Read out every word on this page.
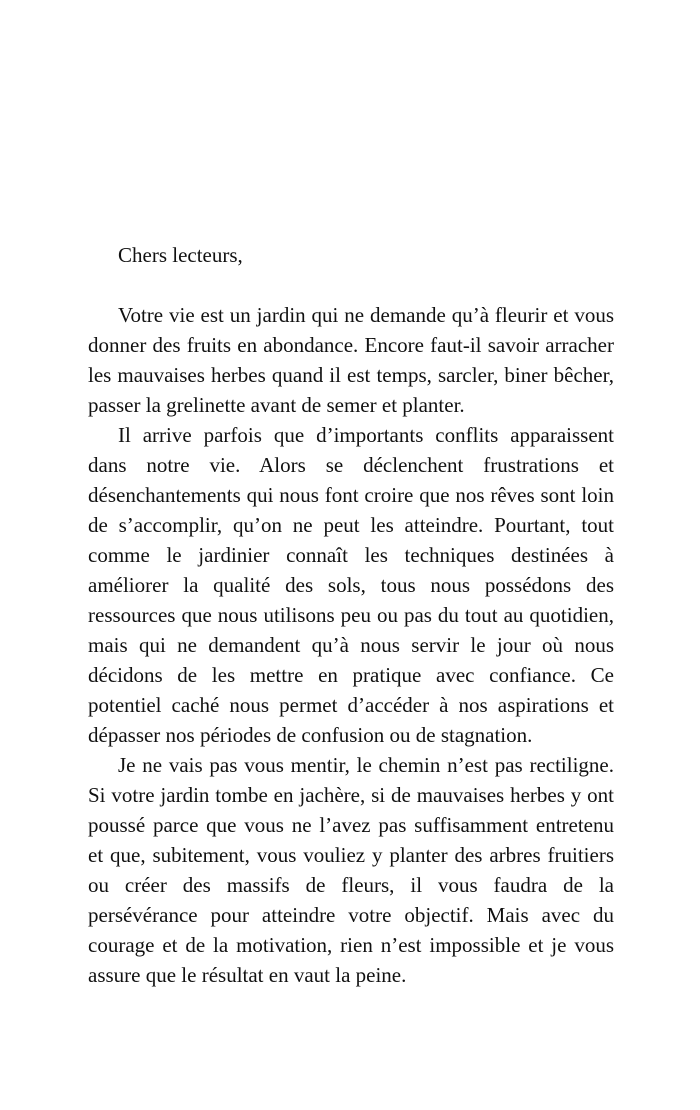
Chers lecteurs,

Votre vie est un jardin qui ne demande qu’à fleurir et vous donner des fruits en abondance. Encore faut-il savoir arracher les mauvaises herbes quand il est temps, sarcler, biner bêcher, passer la grelinette avant de semer et planter.

Il arrive parfois que d’importants conflits apparaissent dans notre vie. Alors se déclenchent frustrations et désenchantements qui nous font croire que nos rêves sont loin de s’accomplir, qu’on ne peut les atteindre. Pourtant, tout comme le jardinier connaît les techniques destinées à améliorer la qualité des sols, tous nous possédons des ressources que nous utilisons peu ou pas du tout au quotidien, mais qui ne demandent qu’à nous servir le jour où nous décidons de les mettre en pratique avec confiance. Ce potentiel caché nous permet d’accéder à nos aspirations et dépasser nos périodes de confusion ou de stagnation.

Je ne vais pas vous mentir, le chemin n’est pas rectiligne. Si votre jardin tombe en jachère, si de mauvaises herbes y ont poussé parce que vous ne l’avez pas suffisamment entretenu et que, subitement, vous vouliez y planter des arbres fruitiers ou créer des massifs de fleurs, il vous faudra de la persévérance pour atteindre votre objectif. Mais avec du courage et de la motivation, rien n’est impossible et je vous assure que le résultat en vaut la peine.
